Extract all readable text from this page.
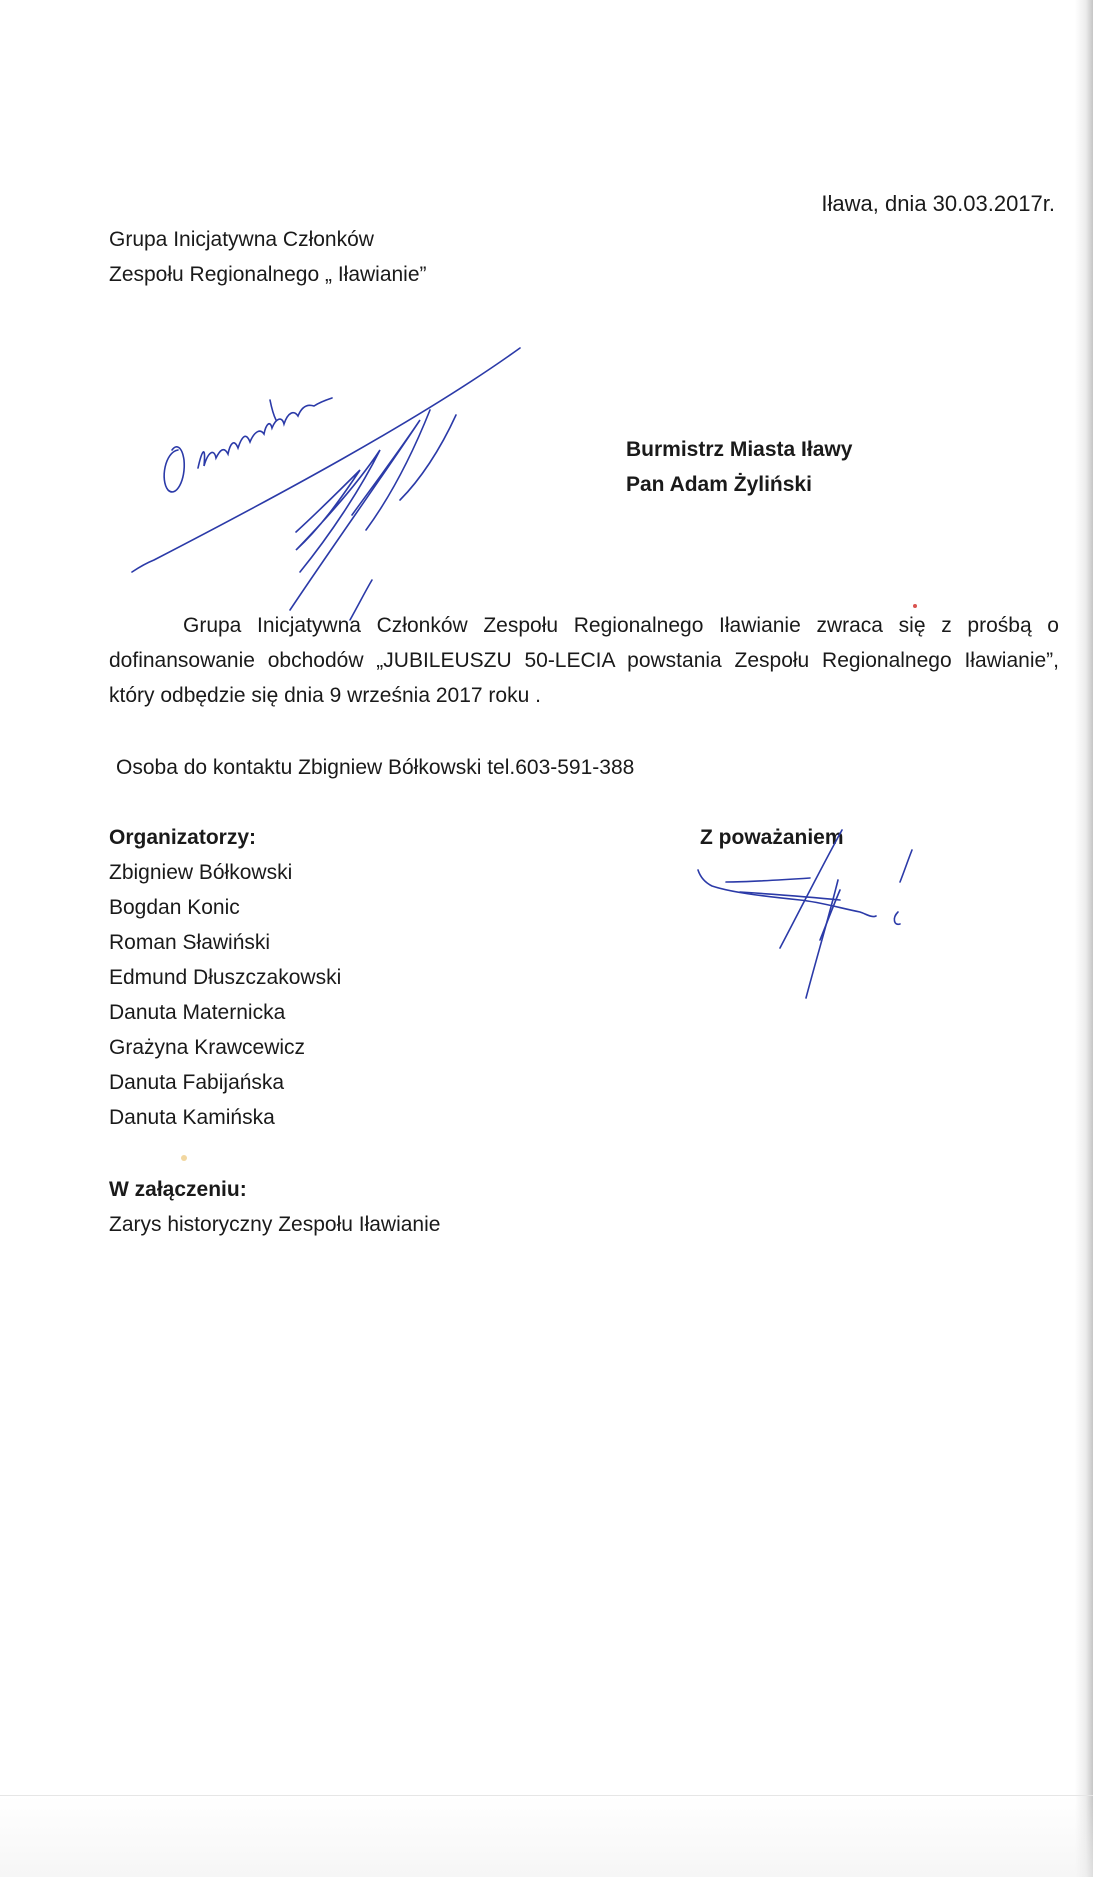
Iława, dnia 30.03.2017r.
Grupa Inicjatywna Członków
Zespołu Regionalnego „ Iławianie”
Burmistrz Miasta Iławy
Pan Adam Żyliński
Grupa Inicjatywna Członków Zespołu Regionalnego Iławianie zwraca się z prośbą o dofinansowanie obchodów „JUBILEUSZU 50-LECIA powstania Zespołu Regionalnego Iławianie”, który odbędzie się dnia 9 września 2017 roku .
Osoba do kontaktu Zbigniew Bółkowski tel.603-591-388
Organizatorzy:
Zbigniew Bółkowski
Bogdan Konic
Roman Sławiński
Edmund Dłuszczakowski
Danuta Maternicka
Grażyna Krawcewicz
Danuta Fabijańska
Danuta Kamińska
Z poważaniem
W załączeniu:
Zarys historyczny Zespołu Iławianie
